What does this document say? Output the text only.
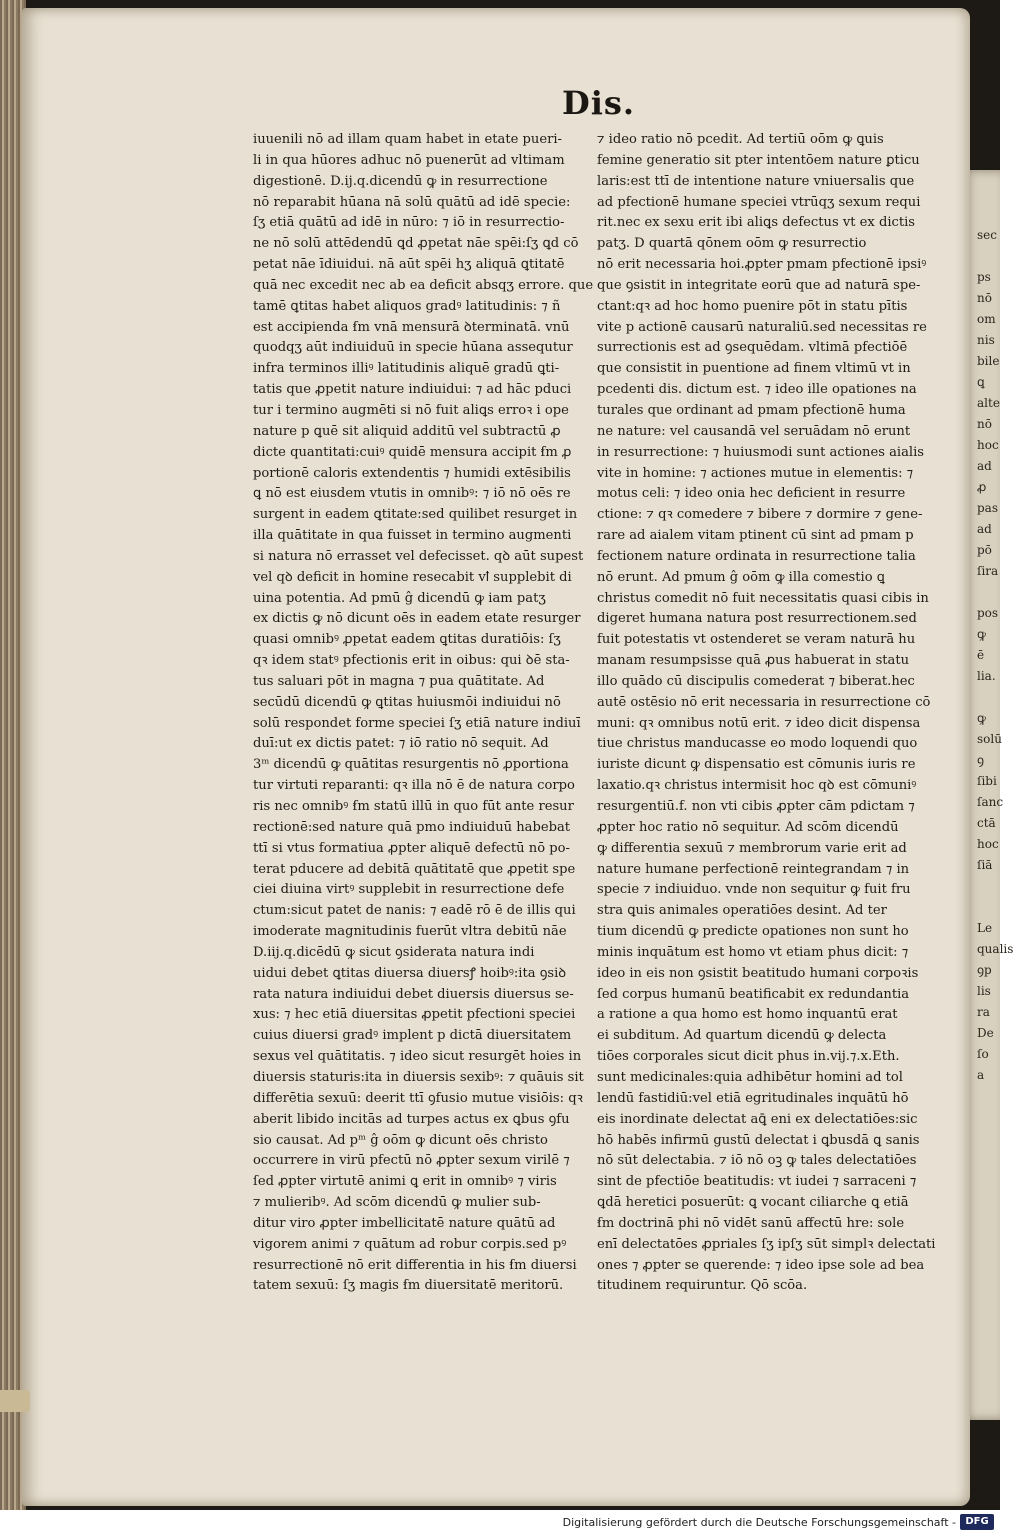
sec
ps
nō
om
nis
bile
ꝗ
alte
nō
hoc
ad
ꝓ
pas
ad
pō
ſira
pos
ꝙ
ē
lia.
ꝙ
solū
ꝯ
ſibi
ſanc
ctā
hoc
ſiā
Le
qualis
ꝯp
lis
ra
De
ſo
a
Dis.
iuuenili nō ad illam quam habet in etate pueri-
li in qua hūores adhuc nō puenerūt ad vltimam
digestionē. D.ij.q.dicendū ꝙ in resurrectione
nō reparabit hūana nā solū quātū ad idē specie:
ſʒ etiā quātū ad idē in nūro: ⁊ iō in resurrectio-
ne nō solū attēdendū ꝗd ꝓpetat nāe spēi:ſʒ ꝗd cō
petat nāe īdiuidui. nā aūt spēi hʒ aliquā ꝗtitatē
quā nec excedit nec ab ea deficit absqʒ errore. que
tamē ꝗtitas habet aliquos gradꝰ latitudinis: ⁊ ñ
est accipienda ẜm vnā mensurā ꝺterminatā. vnū
quodqʒ aūt indiuiduū in specie hūana assequtur
infra terminos illiꝰ latitudinis aliquē gradū ꝗti-
tatis que ꝓpetit nature indiuidui: ⁊ ad hāc pduci
tur i termino augmēti si nō fuit aliꝗs erroꝛ i ope
nature p ꝗuē sit aliquid additū vel subtractū ꝓ
dicte quantitati:cuiꝰ quidē mensura accipit ẜm ꝓ
portionē caloris extendentis ⁊ humidi extēsibilis
ꝗ nō est eiusdem vtutis in omnibꝰ: ⁊ iō nō oēs re
surgent in eadem ꝗtitate:sed quilibet resurget in
illa quātitate in qua fuisset in termino augmenti
si natura nō errasset vel defecisset. qꝺ aūt supest
vel qꝺ deficit in homine resecabit vꝉ supplebit di
uina potentia. Ad pmū ĝ dicendū ꝙ iam patʒ
ex dictis ꝙ nō dicunt oēs in eadem etate resurger
quasi omnibꝰ ꝓpetat eadem ꝗtitas duratiōis: ſʒ
qꝛ idem statꝰ pfectionis erit in oibus: qui ꝺē sta-
tus saluari pōt in magna ⁊ pua quātitate. Ad
secūdū dicendū ꝙ ꝗtitas huiusmōi indiuidui nō
solū respondet forme speciei ſʒ etiā nature indiuī
duī:ut ex dictis patet: ⁊ iō ratio nō sequit. Ad
3ᵐ dicendū ꝙ quātitas resurgentis nō ꝓportiona
tur virtuti reparanti: qꝛ illa nō ē de natura corpo
ris nec omnibꝰ ẜm statū illū in quo fūt ante resur
rectionē:sed nature quā pmo indiuiduū habebat
ttī si vtus formatiua ꝓpter aliquē defectū nō po-
terat pducere ad debitā quātitatē que ꝓpetit spe
ciei diuina virtꝰ supplebit in resurrectione defe
ctum:sicut patet de nanis: ⁊ eadē rō ē de illis qui
imoderate magnitudinis fuerūt vltra debitū nāe
D.iij.q.dicēdū ꝙ sicut ꝯsiderata natura indi
uidui debet ꝗtitas diuersa diuersꝭ hoibꝰ:ita ꝯsiꝺ
rata natura indiuidui debet diuersis diuersus se-
xus: ⁊ hec etiā diuersitas ꝓpetit pfectioni speciei
cuius diuersi gradꝰ implent p dictā diuersitatem
sexus vel quātitatis. ⁊ ideo sicut resurgēt hoies in
diuersis staturis:ita in diuersis sexibꝰ: ⁊ quāuis sit
differētia sexuū: deerit ttī ꝯfusio mutue visiōis: qꝛ
aberit libido incitās ad turpes actus ex ꝗbus ꝯfu
sio causat. Ad pᵐ ĝ oōm ꝙ dicunt oēs christo
occurrere in virū pfectū nō ꝓpter sexum virilē ⁊
ſed ꝓpter virtutē animi ꝗ erit in omnibꝰ ⁊ viris
⁊ mulieribꝰ. Ad scōm dicendū ꝙ mulier sub-
ditur viro ꝓpter imbellicitatē nature quātū ad
vigorem animi ⁊ quātum ad robur corpis.sed pꝰ
resurrectionē nō erit differentia in his ẜm diuersi
tatem sexuū: ſʒ magis ẜm diuersitatē meritorū.
⁊ ideo ratio nō pcedit. Ad tertiū oōm ꝙ ꝗuis
femine generatio sit pter intentōem nature ꝑticu
laris:est ttī de intentione nature vniuersalis que
ad pfectionē humane speciei vtrūqʒ sexum requi
rit.nec ex sexu erit ibi aliꝗs defectus vt ex dictis
patʒ. D quartā qōnem oōm ꝙ resurrectio
nō erit necessaria hoi.ꝓpter pmam pfectionē ipsiꝰ
que ꝯsistit in integritate eorū que ad naturā spe-
ctant:qꝛ ad hoc homo puenire pōt in statu pītis
vite p actionē causarū naturaliū.sed necessitas re
surrectionis est ad ꝯsequēdam. vltimā pfectiōē
que consistit in puentione ad finem vltimū vt in
pcedenti dis. dictum est. ⁊ ideo ille opationes na
turales que ordinant ad pmam pfectionē huma
ne nature: vel causandā vel seruādam nō erunt
in resurrectione: ⁊ huiusmodi sunt actiones aialis
vite in homine: ⁊ actiones mutue in elementis: ⁊
motus celi: ⁊ ideo onia hec deficient in resurre
ctione: ⁊ qꝛ comedere ⁊ bibere ⁊ dormire ⁊ gene-
rare ad aialem vitam ptinent cū sint ad pmam p
fectionem nature ordinata in resurrectione talia
nō erunt. Ad pmum ĝ oōm ꝙ illa comestio ꝗ
christus comedit nō fuit necessitatis quasi cibis in
digeret humana natura post resurrectionem.sed
fuit potestatis vt ostenderet se veram naturā hu
manam resumpsisse quā ꝓus habuerat in statu
illo quādo cū discipulis comederat ⁊ biberat.hec
autē ostēsio nō erit necessaria in resurrectione cō
muni: qꝛ omnibus notū erit. ⁊ ideo dicit dispensa
tiue christus manducasse eo modo loquendi quo
iuriste dicunt ꝙ dispensatio est cōmunis iuris re
laxatio.qꝛ christus intermisit hoc qꝺ est cōmuniꝰ
resurgentiū.f. non vti cibis ꝓpter cām pdictam ⁊
ꝓpter hoc ratio nō sequitur. Ad scōm dicendū
ꝙ differentia sexuū ⁊ membrorum varie erit ad
nature humane perfectionē reintegrandam ⁊ in
specie ⁊ indiuiduo. vnde non sequitur ꝙ fuit fru
stra ꝗuis animales operatiōes desint. Ad ter
tium dicendū ꝙ predicte opationes non sunt ho
minis inquātum est homo vt etiam phus dicit: ⁊
ideo in eis non ꝯsistit beatitudo humani corpoꝛis
ſed corpus humanū beatificabit ex redundantia
a ratione a qua homo est homo inquantū erat
ei subditum. Ad quartum dicendū ꝙ delecta
tiōes corporales sicut dicit phus in.vij.⁊.x.Eth.
sunt medicinales:quia adhibētur homini ad tol
lendū fastidiū:vel etiā egritudinales inquātū hō
eis inordinate delectat aꝗ̄ eni ex delectatiōes:sic
hō habēs infirmū gustū delectat i ꝗbusdā ꝗ sanis
nō sūt delectabia. ⁊ iō nō oꝫ ꝙ tales delectatiōes
sint de pfectiōe beatitudis: vt iudei ⁊ sarraceni ⁊
ꝗdā heretici posuerūt: ꝗ vocant ciliarche ꝗ etiā
ẜm doctrinā phi nō vidēt sanū affectū hre: sole
enī delectatōes ꝓpriales ſʒ ipſʒ sūt simplꝛ delectati
ones ⁊ ꝓpter se querende: ⁊ ideo ipse sole ad bea
titudinem requiruntur. Qō scōa.
Digitalisierung gefördert durch die Deutsche Forschungsgemeinschaft - DFG
